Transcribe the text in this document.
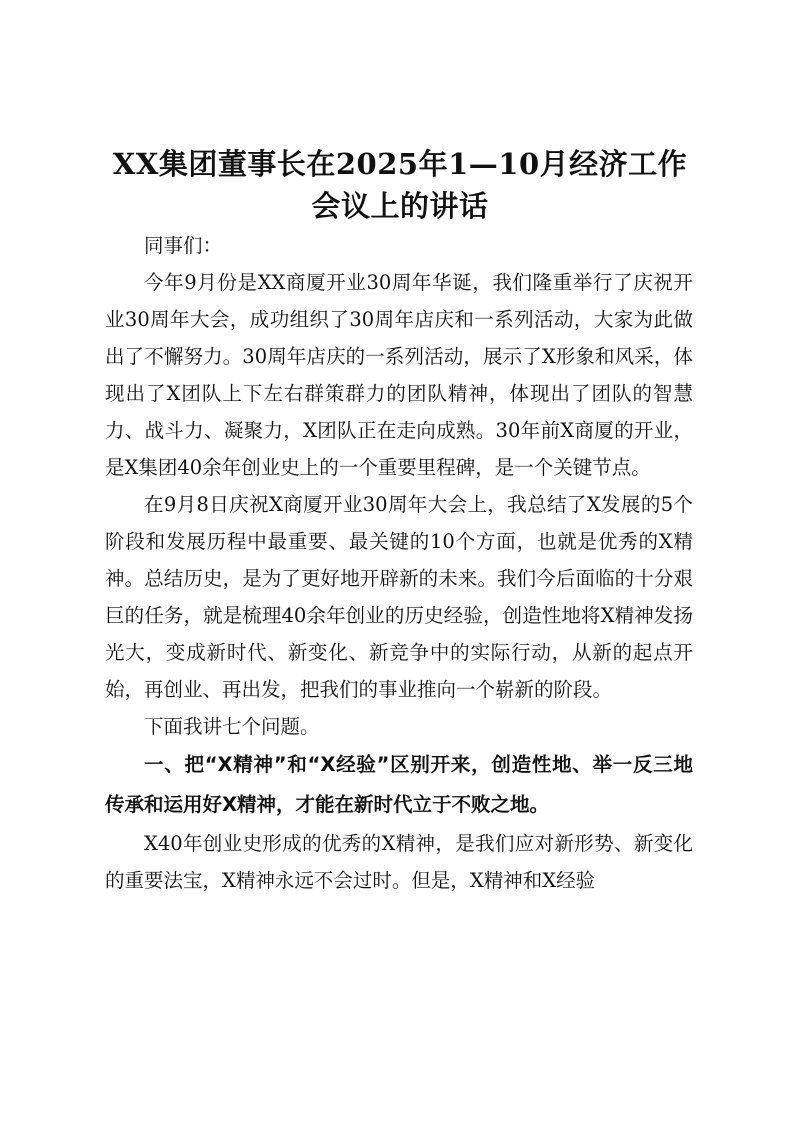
XX集团董事长在2025年1—10月经济工作会议上的讲话

同事们：

今年9月份是XX商厦开业30周年华诞，我们隆重举行了庆祝开业30周年大会，成功组织了30周年店庆和一系列活动，大家为此做出了不懈努力。30周年店庆的一系列活动，展示了X形象和风采，体现出了X团队上下左右群策群力的团队精神，体现出了团队的智慧力、战斗力、凝聚力，X团队正在走向成熟。30年前X商厦的开业，是X集团40余年创业史上的一个重要里程碑，是一个关键节点。

在9月8日庆祝X商厦开业30周年大会上，我总结了X发展的5个阶段和发展历程中最重要、最关键的10个方面，也就是优秀的X精神。总结历史，是为了更好地开辟新的未来。我们今后面临的十分艰巨的任务，就是梳理40余年创业的历史经验，创造性地将X精神发扬光大，变成新时代、新变化、新竞争中的实际行动，从新的起点开始，再创业、再出发，把我们的事业推向一个崭新的阶段。

下面我讲七个问题。

一、把“X精神”和“X经验”区别开来，创造性地、举一反三地传承和运用好X精神，才能在新时代立于不败之地。

X40年创业史形成的优秀的X精神，是我们应对新形势、新变化的重要法宝，X精神永远不会过时。但是，X精神和X经验
